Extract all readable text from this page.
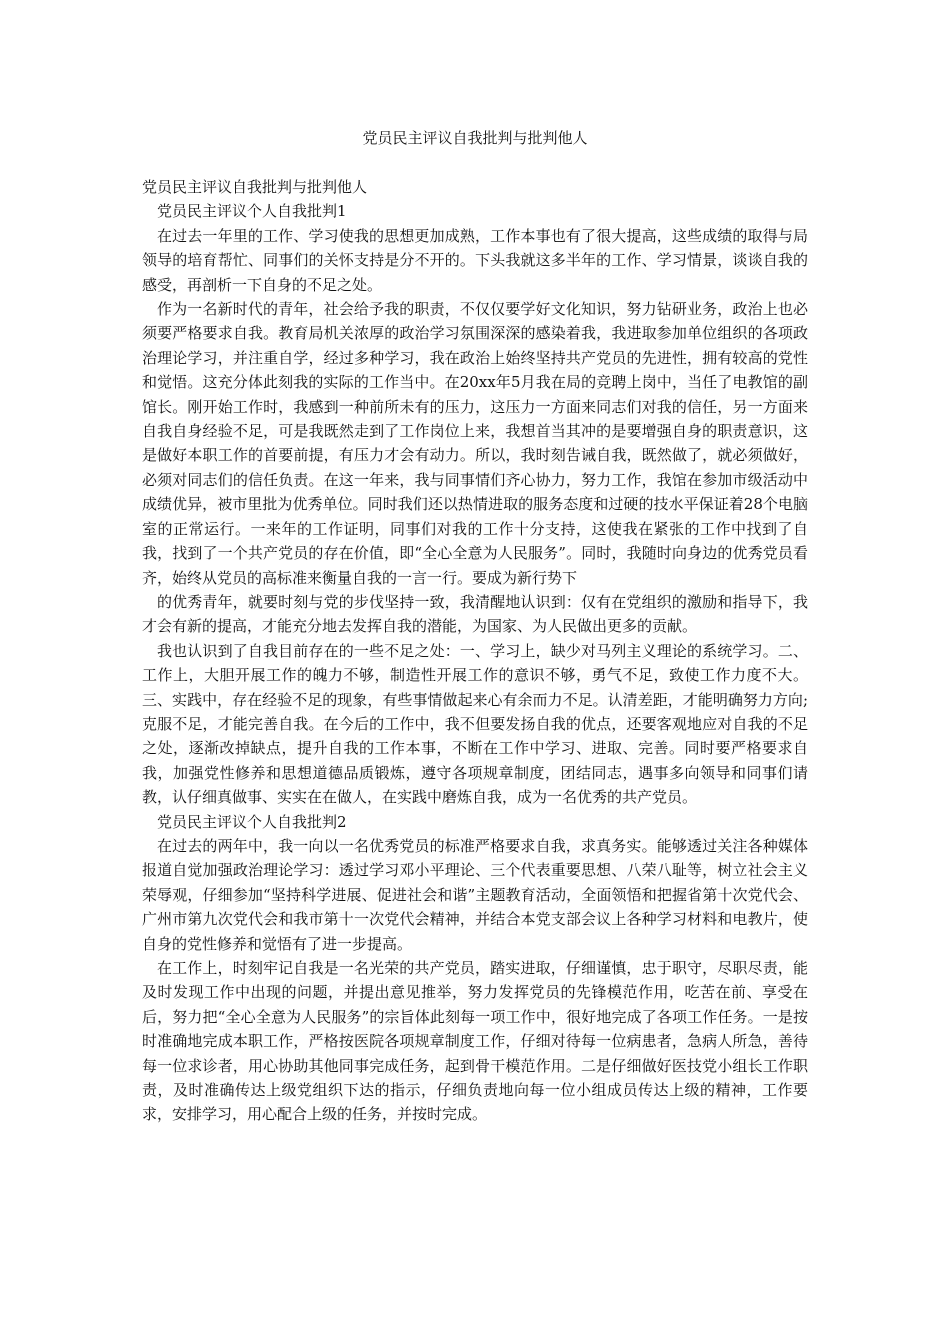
党员民主评议自我批判与批判他人

党员民主评议自我批判与批判他人

党员民主评议个人自我批判1

在过去一年里的工作、学习使我的思想更加成熟，工作本事也有了很大提高，这些成绩的取得与局领导的培育帮忙、同事们的关怀支持是分不开的。下头我就这多半年的工作、学习情景，谈谈自我的感受，再剖析一下自身的不足之处。

作为一名新时代的青年，社会给予我的职责，不仅仅要学好文化知识，努力钻研业务，政治上也必须要严格要求自我。教育局机关浓厚的政治学习氛围深深的感染着我，我进取参加单位组织的各项政治理论学习，并注重自学，经过多种学习，我在政治上始终坚持共产党员的先进性，拥有较高的党性和觉悟。这充分体此刻我的实际的工作当中。在20xx年5月我在局的竞聘上岗中，当任了电教馆的副馆长。刚开始工作时，我感到一种前所未有的压力，这压力一方面来同志们对我的信任，另一方面来自我自身经验不足，可是我既然走到了工作岗位上来，我想首当其冲的是要增强自身的职责意识，这是做好本职工作的首要前提，有压力才会有动力。所以，我时刻告诫自我，既然做了，就必须做好，必须对同志们的信任负责。在这一年来，我与同事情们齐心协力，努力工作，我馆在参加市级活动中成绩优异，被市里批为优秀单位。同时我们还以热情进取的服务态度和过硬的技水平保证着28个电脑室的正常运行。一来年的工作证明，同事们对我的工作十分支持，这使我在紧张的工作中找到了自我，找到了一个共产党员的存在价值，即“全心全意为人民服务”。同时，我随时向身边的优秀党员看齐，始终从党员的高标准来衡量自我的一言一行。要成为新行势下

的优秀青年，就要时刻与党的步伐坚持一致，我清醒地认识到：仅有在党组织的激励和指导下，我才会有新的提高，才能充分地去发挥自我的潜能，为国家、为人民做出更多的贡献。

我也认识到了自我目前存在的一些不足之处：一、学习上，缺少对马列主义理论的系统学习。二、工作上，大胆开展工作的魄力不够，制造性开展工作的意识不够，勇气不足，致使工作力度不大。三、实践中，存在经验不足的现象，有些事情做起来心有余而力不足。认清差距，才能明确努力方向;克服不足，才能完善自我。在今后的工作中，我不但要发扬自我的优点，还要客观地应对自我的不足之处，逐渐改掉缺点，提升自我的工作本事，不断在工作中学习、进取、完善。同时要严格要求自我，加强党性修养和思想道德品质锻炼，遵守各项规章制度，团结同志，遇事多向领导和同事们请教，认仔细真做事、实实在在做人，在实践中磨炼自我，成为一名优秀的共产党员。

党员民主评议个人自我批判2

在过去的两年中，我一向以一名优秀党员的标准严格要求自我，求真务实。能够透过关注各种媒体报道自觉加强政治理论学习：透过学习邓小平理论、三个代表重要思想、八荣八耻等，树立社会主义荣辱观，仔细参加“坚持科学进展、促进社会和谐”主题教育活动，全面领悟和把握省第十次党代会、广州市第九次党代会和我市第十一次党代会精神，并结合本党支部会议上各种学习材料和电教片，使自身的党性修养和觉悟有了进一步提高。

在工作上，时刻牢记自我是一名光荣的共产党员，踏实进取，仔细谨慎，忠于职守，尽职尽责，能及时发现工作中出现的问题，并提出意见推举，努力发挥党员的先锋模范作用，吃苦在前、享受在后，努力把“全心全意为人民服务”的宗旨体此刻每一项工作中，很好地完成了各项工作任务。一是按时准确地完成本职工作，严格按医院各项规章制度工作，仔细对待每一位病患者，急病人所急，善待每一位求诊者，用心协助其他同事完成任务，起到骨干模范作用。二是仔细做好医技党小组长工作职责，及时准确传达上级党组织下达的指示，仔细负责地向每一位小组成员传达上级的精神，工作要求，安排学习，用心配合上级的任务，并按时完成。
